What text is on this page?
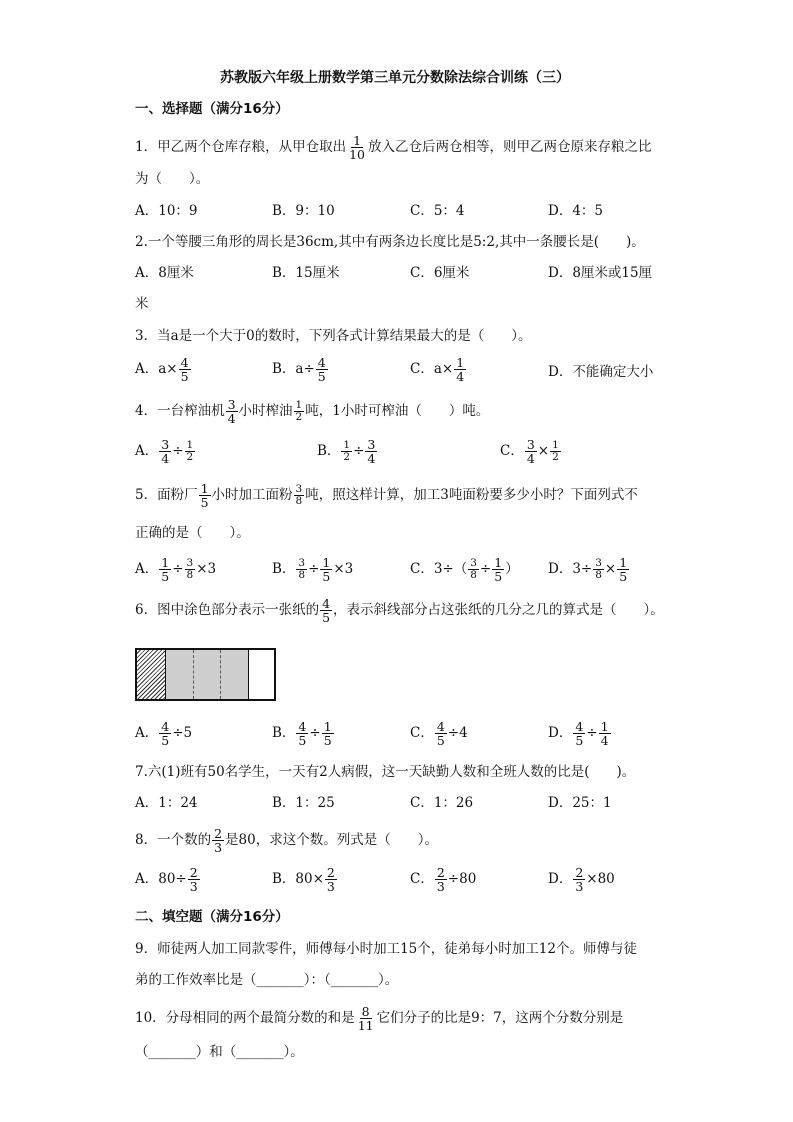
苏教版六年级上册数学第三单元分数除法综合训练（三）
一、选择题（满分16分）
1．甲乙两个仓库存粮，从甲仓取出 1
10 放入乙仓后两仓相等，则甲乙两仓原来存粮之比
为（　　）。
A．10：9	B．9：10	C．5：4	D．4：5
2.一个等腰三角形的周长是36cm,其中有两条边长度比是5:2,其中一条腰长是(　　)。
A．8厘米	B．15厘米	C．6厘米	D．8厘米或15厘
米
3．当a是一个大于0的数时，下列各式计算结果最大的是（　　）。
A．$a\times \frac{4}{5}$	B．$a\div \frac{4}{5}$	C．$a\times \frac{1}{4}$	D．不能确定大小
4．一台榨油机 3
4 小时榨油 1
2 吨，1小时可榨油（　　）吨。
A． $\frac{3}{4} \div \frac{1}{2}$	B． $\frac{1}{2} \div \frac{3}{4}$	C． $\frac{3}{4} \times \frac{1}{2}$
5．面粉厂 1
5 小时加工面粉 3
8 吨，照这样计算，加工3吨面粉要多少小时？下面列式不
正确的是（　　）。
A． $\frac{1}{5} \div \frac{3}{8} \times 3$	B． $\frac{3}{8} \div \frac{1}{5} \times 3$	C．$3\div( \frac{3}{8} \div \frac{1}{5}$ ） D．$3\div \frac{3}{8} \times \frac{1}{5}$
6．图中涂色部分表示一张纸的 4
5 ，表示斜线部分占这张纸的几分之几的算式是（　　）。
A． $\frac{4}{5} \div 5$	B． $\frac{4}{5} \div \frac{1}{5}$	C． $\frac{4}{5} \div 4$	D． $\frac{4}{5} \div \frac{1}{4}$
7.六(1)班有50名学生，一天有2人病假，这一天缺勤人数和全班人数的比是(　　)。
A．1：24	B．1：25	C．1：26	D．25：1
8．一个数的 2
3 是80，求这个数。列式是（　　）。
A．$80\div \frac{2}{3}$	B．$80\times \frac{2}{3}$	C． $\frac{2}{3} \div 80$	D． $\frac{2}{3} \times 80$
二、填空题（满分16分）
9．师徒两人加工同款零件，师傅每小时加工15个，徒弟每小时加工12个。师傅与徒
弟的工作效率比是（_______）：（_______）。
10．分母相同的两个最简分数的和是 8
11 它们分子的比是9：7，这两个分数分别是
（_______）和（_______）。
